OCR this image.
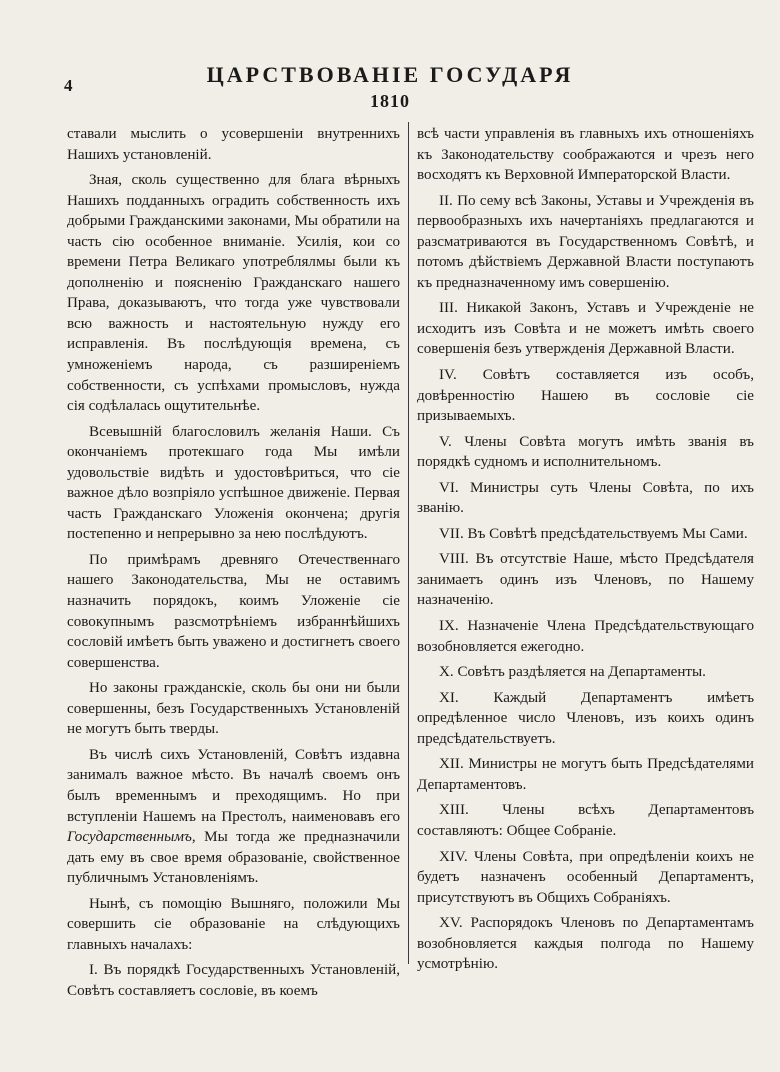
4	ЦАРСТВОВАНІЕ ГОСУДАРЯ
1810

ставали мыслить о усовершеніи внутреннихъ Нашихъ установленій.

Зная, сколь существенно для блага вѣрныхъ Нашихъ подданныхъ оградить собственность ихъ добрыми Гражданскими законами, Мы обратили на часть сію особенное вниманіе. Усилія, кои со времени Петра Великаго употреблялмы были къ дополненію и поясненію Гражданскаго нашего Права, доказываютъ, что тогда уже чувствовали всю важность и настоятельную нужду его исправленія. Въ послѣдующія времена, съ умноженіемъ народа, съ разширеніемъ собственности, съ успѣхами промысловъ, нужда сія содѣлалась ощутительнѣе.

Всевышній благословилъ желанія Наши. Съ окончаніемъ протекшаго года Мы имѣли удовольствіе видѣть и удостовѣриться, что сіе важное дѣло возпріяло успѣшное движеніе. Первая часть Гражданскаго Уложенія окончена; другія постепенно и непрерывно за нею послѣдуютъ.

По примѣрамъ древняго Отечественнаго нашего Законодательства, Мы не оставимъ назначить порядокъ, коимъ Уложеніе сіе совокупнымъ разсмотрѣніемъ избраннѣйшихъ сословій имѣетъ быть уважено и достигнетъ своего совершенства.

Но законы гражданскіе, сколь бы они ни были совершенны, безъ Государственныхъ Установленій не могутъ быть тверды.

Въ числѣ сихъ Установленій, Совѣтъ издавна занималъ важное мѣсто. Въ началѣ своемъ онъ былъ временнымъ и преходящимъ. Но при вступленіи Нашемъ на Престолъ, наименовавъ его Государственнымъ, Мы тогда же предназначили дать ему въ свое время образованіе, свойственное публичнымъ Установленіямъ.

Нынѣ, съ помощію Вышняго, положили Мы совершить сіе образованіе на слѣдующихъ главныхъ началахъ:

I. Въ порядкѣ Государственныхъ Установленій, Совѣтъ составляетъ сословіе, въ коемъ

всѣ части управленія въ главныхъ ихъ отношеніяхъ къ Законодательству соображаются и чрезъ него восходятъ къ Верховной Императорской Власти.

II. По сему всѣ Законы, Уставы и Учрежденія въ первообразныхъ ихъ начертаніяхъ предлагаются и разсматриваются въ Государственномъ Совѣтѣ, и потомъ дѣйствіемъ Державной Власти поступаютъ къ предназначенному имъ совершенію.

III. Никакой Законъ, Уставъ и Учрежденіе не исходитъ изъ Совѣта и не можетъ имѣть своего совершенія безъ утвержденія Державной Власти.

IV. Совѣтъ составляется изъ особъ, довѣренностію Нашею въ сословіе сіе призываемыхъ.

V. Члены Совѣта могутъ имѣть званія въ порядкѣ судномъ и исполнительномъ.

VI. Министры суть Члены Совѣта, по ихъ званію.

VII. Въ Совѣтѣ предсѣдательствуемъ Мы Сами.

VIII. Въ отсутствіе Наше, мѣсто Предсѣдателя занимаетъ одинъ изъ Членовъ, по Нашему назначенію.

IX. Назначеніе Члена Предсѣдательствующаго возобновляется ежегодно.

X. Совѣтъ раздѣляется на Департаменты.

XI. Каждый Департаментъ имѣетъ опредѣленное число Членовъ, изъ коихъ одинъ предсѣдательствуетъ.

XII. Министры не могутъ быть Предсѣдателями Департаментовъ.

XIII. Члены всѣхъ Департаментовъ составляютъ: Общее Собраніе.

XIV. Члены Совѣта, при опредѣленіи коихъ не будетъ назначенъ особенный Департаментъ, присутствуютъ въ Общихъ Собраніяхъ.

XV. Распорядокъ Членовъ по Департаментамъ возобновляется каждыя полгода по Нашему усмотрѣнію.
